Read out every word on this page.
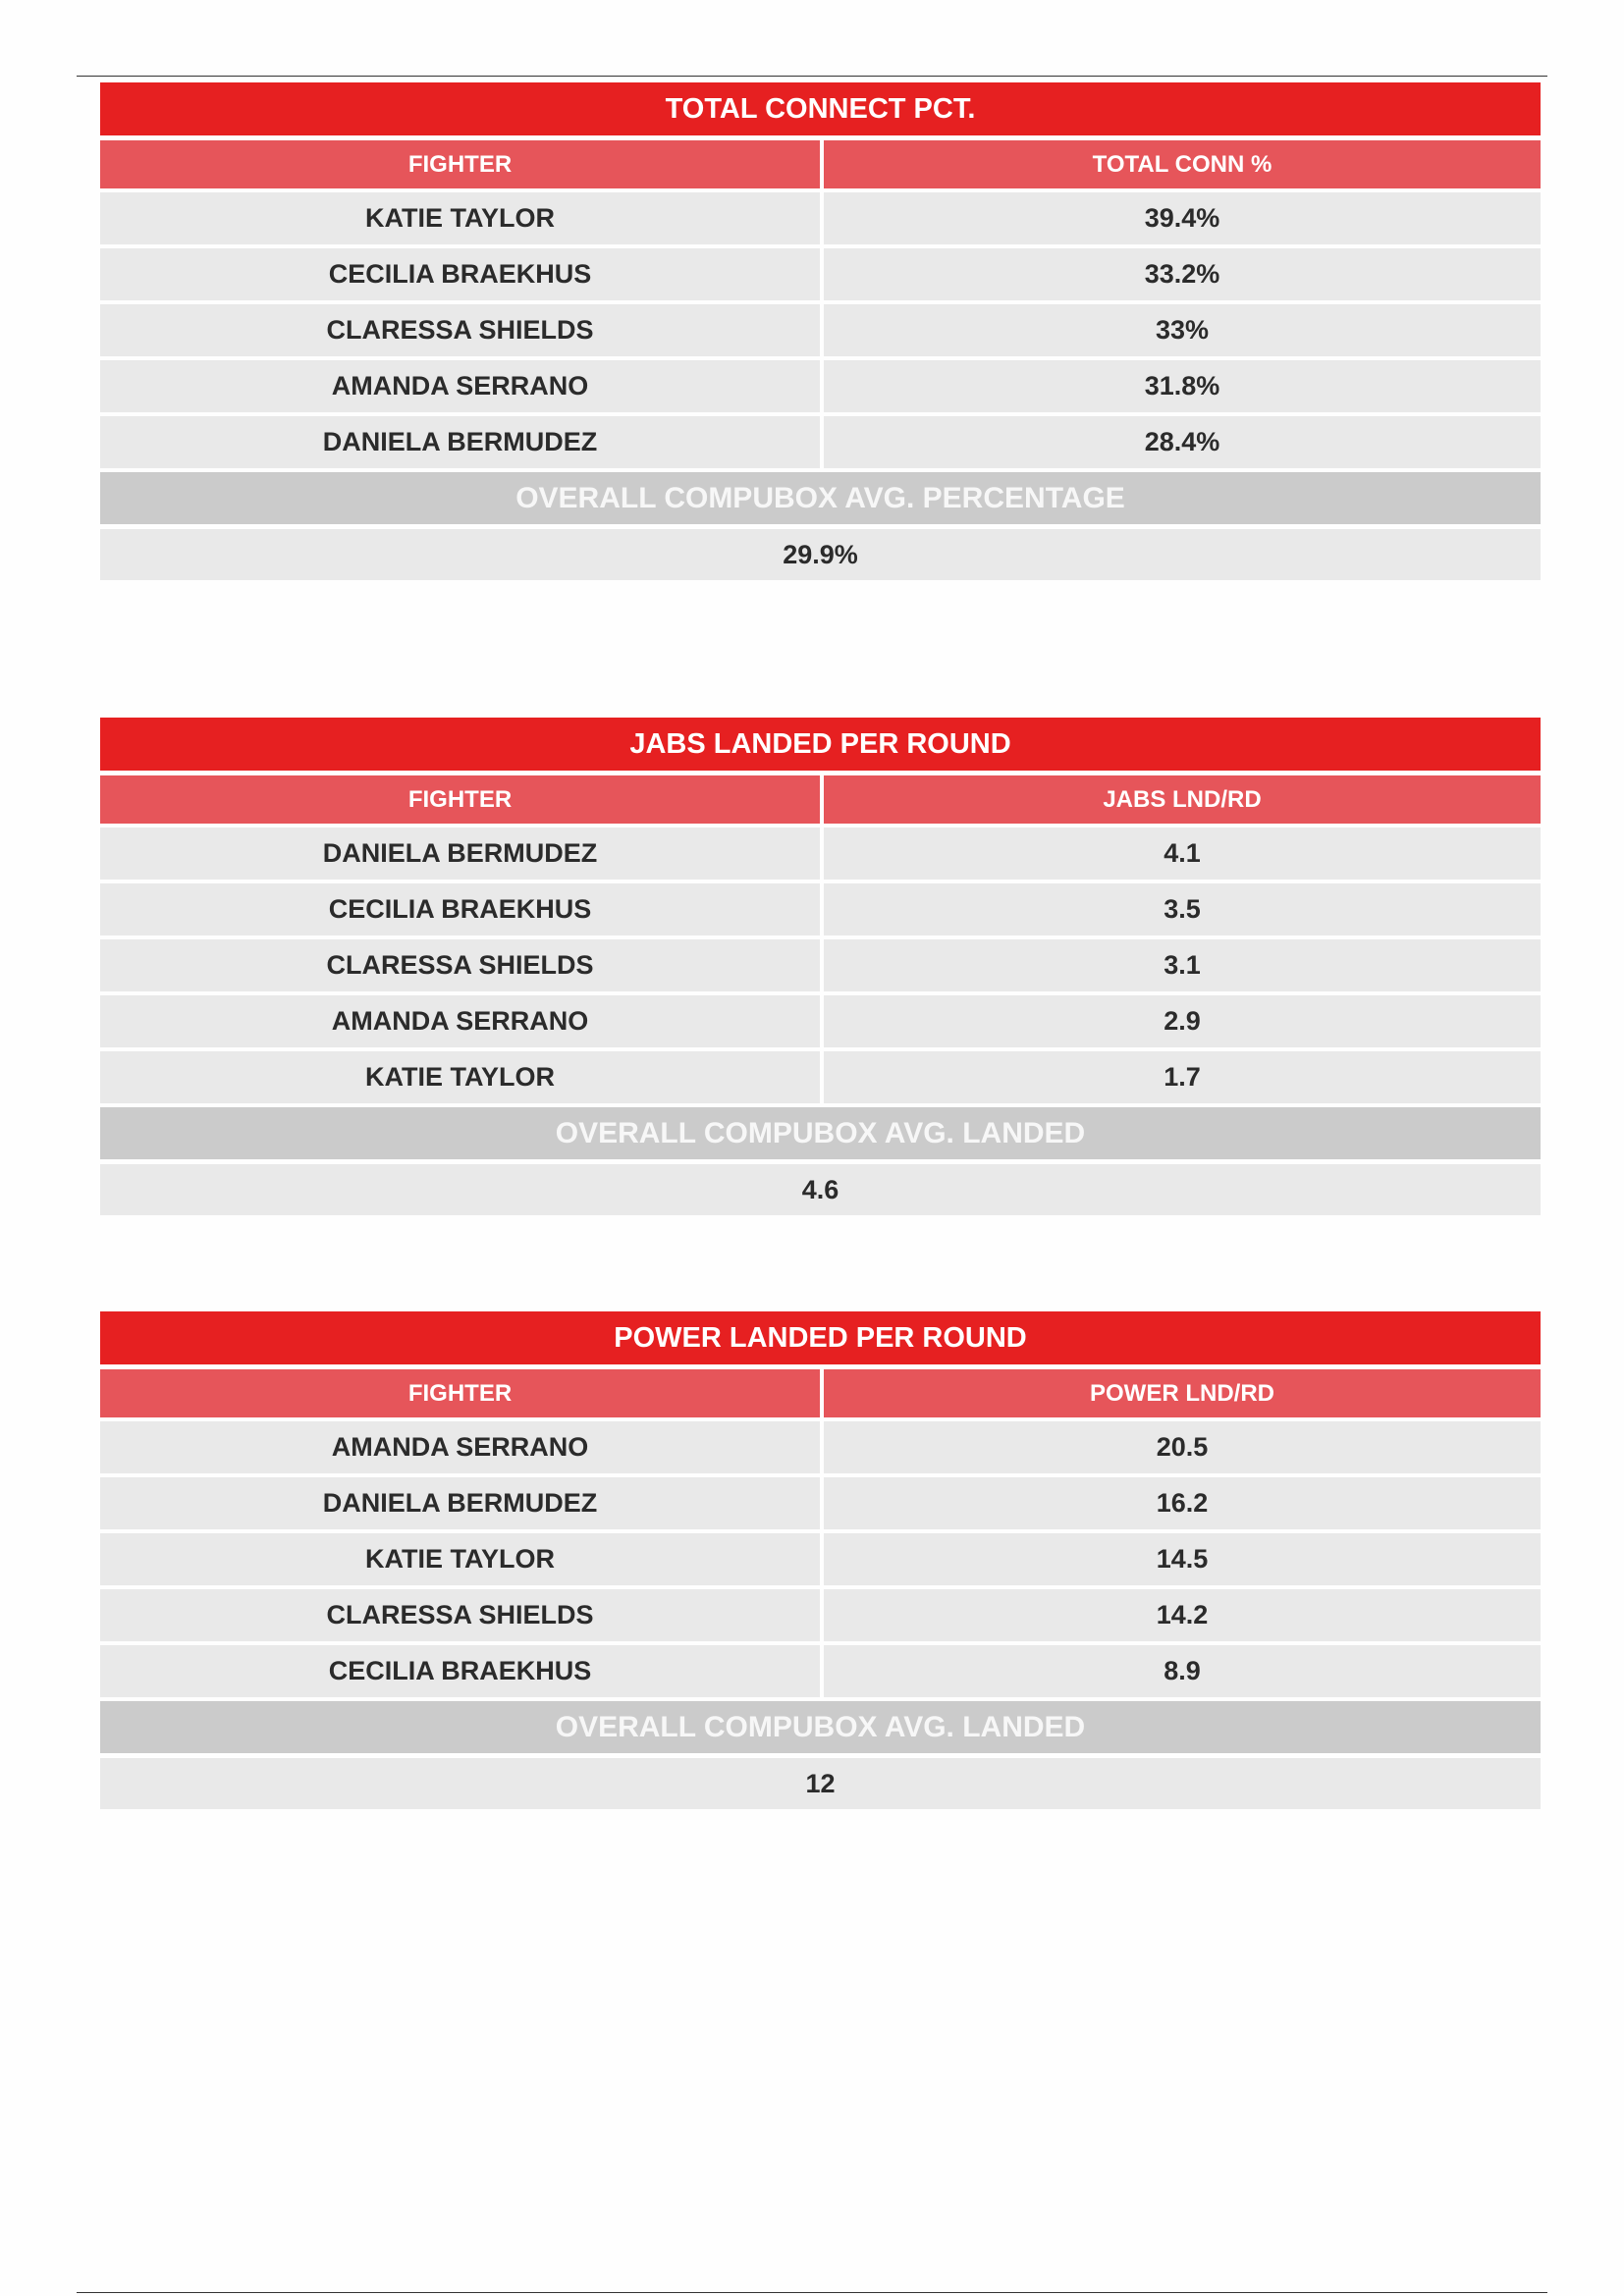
TOTAL CONNECT PCT.
FIGHTER	TOTAL CONN %
KATIE TAYLOR	39.4%
CECILIA BRAEKHUS	33.2%
CLARESSA SHIELDS	33%
AMANDA SERRANO	31.8%
DANIELA BERMUDEZ	28.4%
OVERALL COMPUBOX AVG. PERCENTAGE
29.9%
JABS LANDED PER ROUND
FIGHTER	JABS LND/RD
DANIELA BERMUDEZ	4.1
CECILIA BRAEKHUS	3.5
CLARESSA SHIELDS	3.1
AMANDA SERRANO	2.9
KATIE TAYLOR	1.7
OVERALL COMPUBOX AVG. LANDED
4.6
POWER LANDED PER ROUND
FIGHTER	POWER LND/RD
AMANDA SERRANO	20.5
DANIELA BERMUDEZ	16.2
KATIE TAYLOR	14.5
CLARESSA SHIELDS	14.2
CECILIA BRAEKHUS	8.9
OVERALL COMPUBOX AVG. LANDED
12
